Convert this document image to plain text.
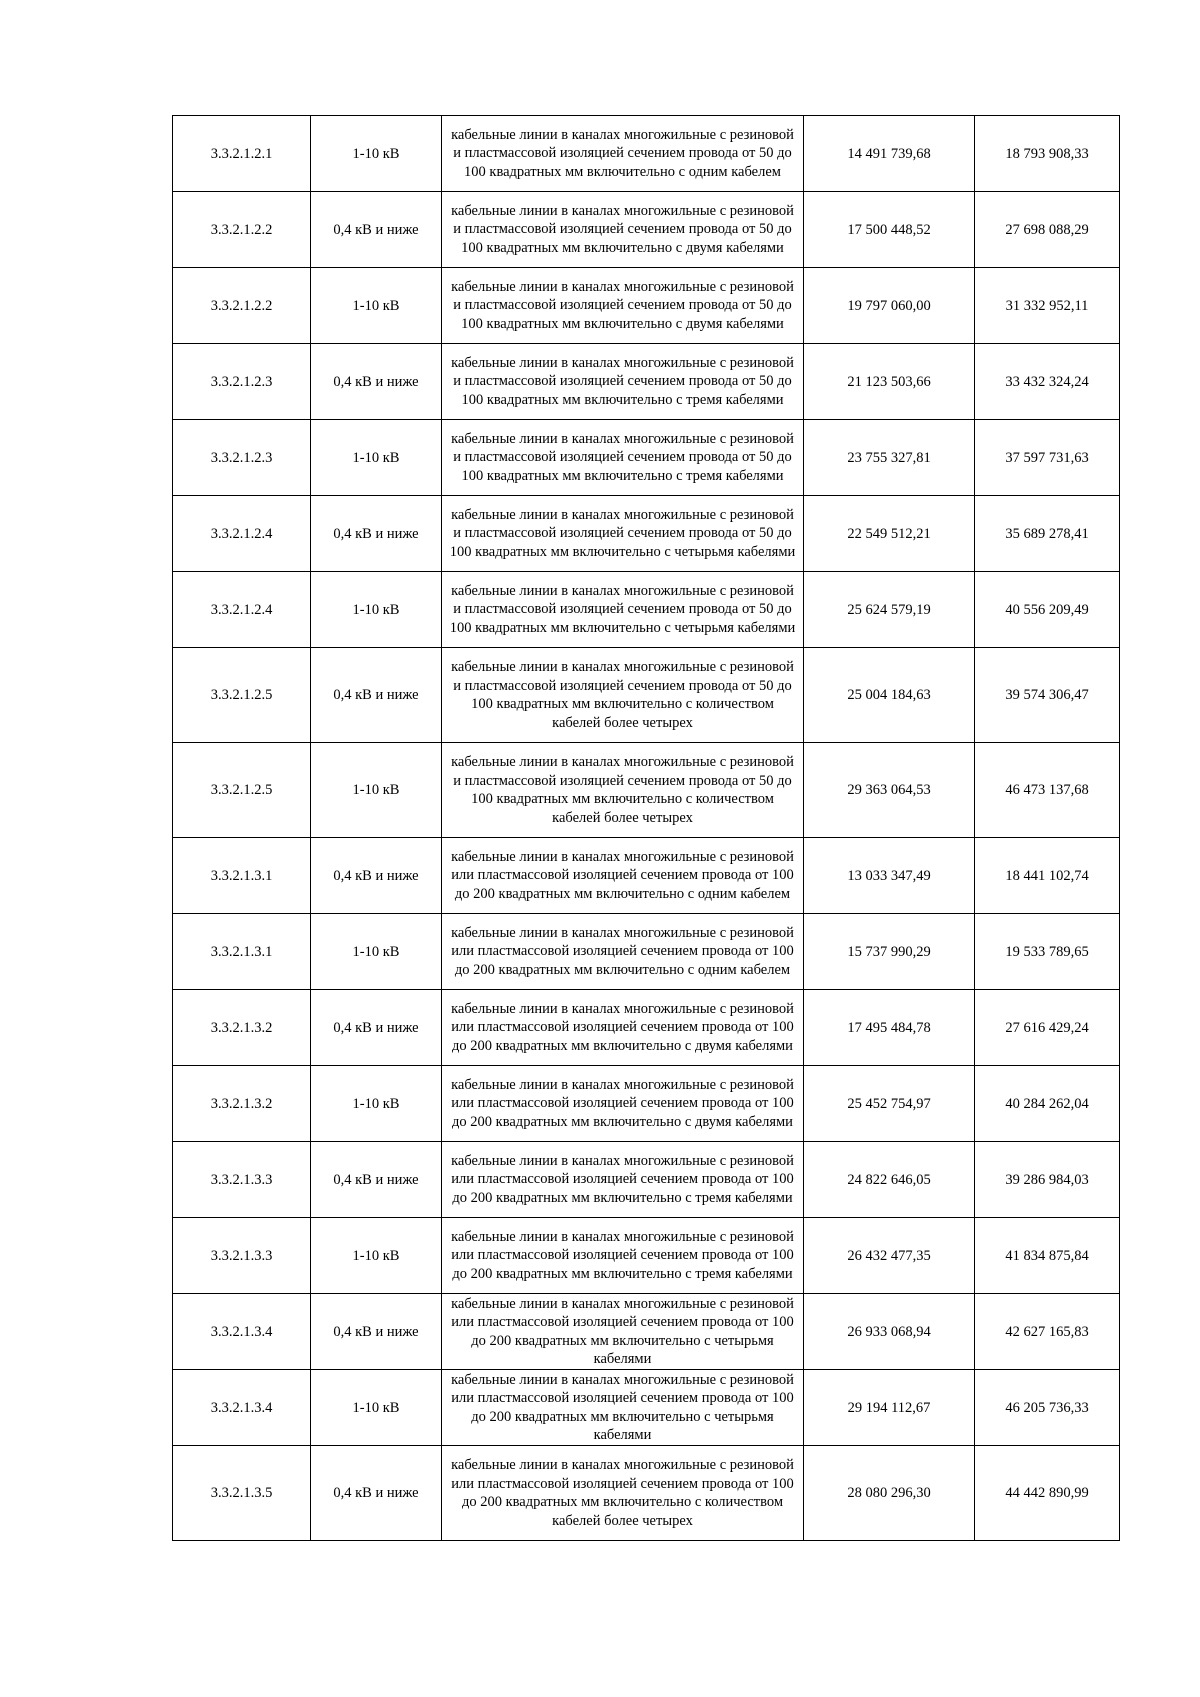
3.3.2.1.2.1	1-10 кВ	кабельные линии в каналах многожильные с резиновой и пластмассовой изоляцией сечением провода от 50 до 100 квадратных мм включительно с одним кабелем	14 491 739,68	18 793 908,33
3.3.2.1.2.2	0,4 кВ и ниже	кабельные линии в каналах многожильные с резиновой и пластмассовой изоляцией сечением провода от 50 до 100 квадратных мм включительно с двумя кабелями	17 500 448,52	27 698 088,29
3.3.2.1.2.2	1-10 кВ	кабельные линии в каналах многожильные с резиновой и пластмассовой изоляцией сечением провода от 50 до 100 квадратных мм включительно с двумя кабелями	19 797 060,00	31 332 952,11
3.3.2.1.2.3	0,4 кВ и ниже	кабельные линии в каналах многожильные с резиновой и пластмассовой изоляцией сечением провода от 50 до 100 квадратных мм включительно с тремя кабелями	21 123 503,66	33 432 324,24
3.3.2.1.2.3	1-10 кВ	кабельные линии в каналах многожильные с резиновой и пластмассовой изоляцией сечением провода от 50 до 100 квадратных мм включительно с тремя кабелями	23 755 327,81	37 597 731,63
3.3.2.1.2.4	0,4 кВ и ниже	кабельные линии в каналах многожильные с резиновой и пластмассовой изоляцией сечением провода от 50 до 100 квадратных мм включительно с четырьмя кабелями	22 549 512,21	35 689 278,41
3.3.2.1.2.4	1-10 кВ	кабельные линии в каналах многожильные с резиновой и пластмассовой изоляцией сечением провода от 50 до 100 квадратных мм включительно с четырьмя кабелями	25 624 579,19	40 556 209,49
3.3.2.1.2.5	0,4 кВ и ниже	кабельные линии в каналах многожильные с резиновой и пластмассовой изоляцией сечением провода от 50 до 100 квадратных мм включительно с количеством кабелей более четырех	25 004 184,63	39 574 306,47
3.3.2.1.2.5	1-10 кВ	кабельные линии в каналах многожильные с резиновой и пластмассовой изоляцией сечением провода от 50 до 100 квадратных мм включительно с количеством кабелей более четырех	29 363 064,53	46 473 137,68
3.3.2.1.3.1	0,4 кВ и ниже	кабельные линии в каналах многожильные с резиновой или пластмассовой изоляцией сечением провода от 100 до 200 квадратных мм включительно с одним кабелем	13 033 347,49	18 441 102,74
3.3.2.1.3.1	1-10 кВ	кабельные линии в каналах многожильные с резиновой или пластмассовой изоляцией сечением провода от 100 до 200 квадратных мм включительно с одним кабелем	15 737 990,29	19 533 789,65
3.3.2.1.3.2	0,4 кВ и ниже	кабельные линии в каналах многожильные с резиновой или пластмассовой изоляцией сечением провода от 100 до 200 квадратных мм включительно с двумя кабелями	17 495 484,78	27 616 429,24
3.3.2.1.3.2	1-10 кВ	кабельные линии в каналах многожильные с резиновой или пластмассовой изоляцией сечением провода от 100 до 200 квадратных мм включительно с двумя кабелями	25 452 754,97	40 284 262,04
3.3.2.1.3.3	0,4 кВ и ниже	кабельные линии в каналах многожильные с резиновой или пластмассовой изоляцией сечением провода от 100 до 200 квадратных мм включительно с тремя кабелями	24 822 646,05	39 286 984,03
3.3.2.1.3.3	1-10 кВ	кабельные линии в каналах многожильные с резиновой или пластмассовой изоляцией сечением провода от 100 до 200 квадратных мм включительно с тремя кабелями	26 432 477,35	41 834 875,84
3.3.2.1.3.4	0,4 кВ и ниже	кабельные линии в каналах многожильные с резиновой или пластмассовой изоляцией сечением провода от 100 до 200 квадратных мм включительно с четырьмя кабелями	26 933 068,94	42 627 165,83
3.3.2.1.3.4	1-10 кВ	кабельные линии в каналах многожильные с резиновой или пластмассовой изоляцией сечением провода от 100 до 200 квадратных мм включительно с четырьмя кабелями	29 194 112,67	46 205 736,33
3.3.2.1.3.5	0,4 кВ и ниже	кабельные линии в каналах многожильные с резиновой или пластмассовой изоляцией сечением провода от 100 до 200 квадратных мм включительно с количеством кабелей более четырех	28 080 296,30	44 442 890,99
